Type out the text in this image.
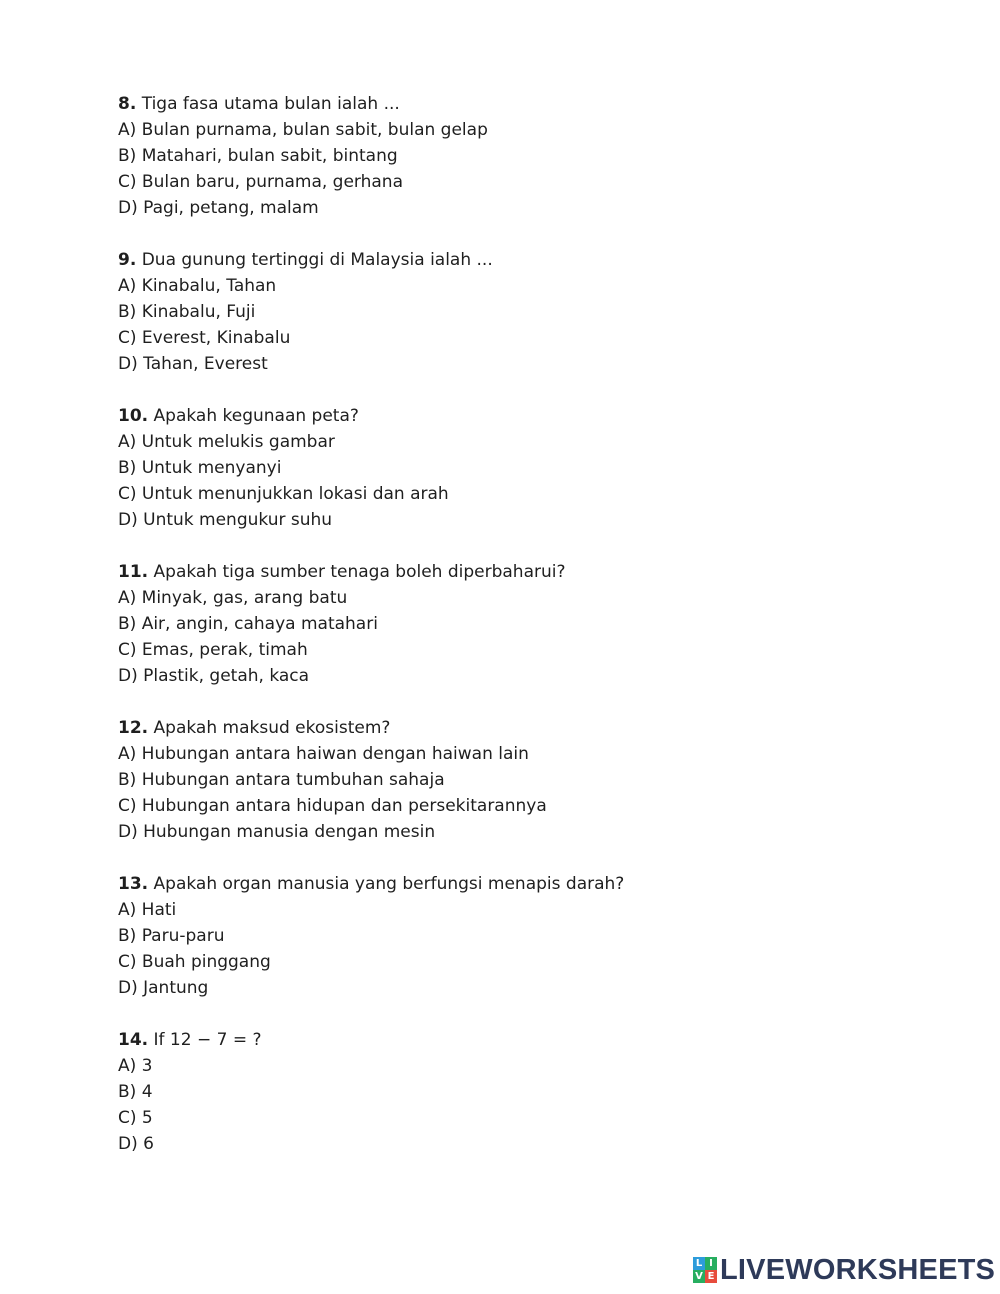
8. Tiga fasa utama bulan ialah ...
A) Bulan purnama, bulan sabit, bulan gelap
B) Matahari, bulan sabit, bintang
C) Bulan baru, purnama, gerhana
D) Pagi, petang, malam
9. Dua gunung tertinggi di Malaysia ialah ...
A) Kinabalu, Tahan
B) Kinabalu, Fuji
C) Everest, Kinabalu
D) Tahan, Everest
10. Apakah kegunaan peta?
A) Untuk melukis gambar
B) Untuk menyanyi
C) Untuk menunjukkan lokasi dan arah
D) Untuk mengukur suhu
11. Apakah tiga sumber tenaga boleh diperbaharui?
A) Minyak, gas, arang batu
B) Air, angin, cahaya matahari
C) Emas, perak, timah
D) Plastik, getah, kaca
12. Apakah maksud ekosistem?
A) Hubungan antara haiwan dengan haiwan lain
B) Hubungan antara tumbuhan sahaja
C) Hubungan antara hidupan dan persekitarannya
D) Hubungan manusia dengan mesin
13. Apakah organ manusia yang berfungsi menapis darah?
A) Hati
B) Paru-paru
C) Buah pinggang
D) Jantung
14. If 12 − 7 = ?
A) 3
B) 4
C) 5
D) 6
L I
V E LIVEWORKSHEETS
